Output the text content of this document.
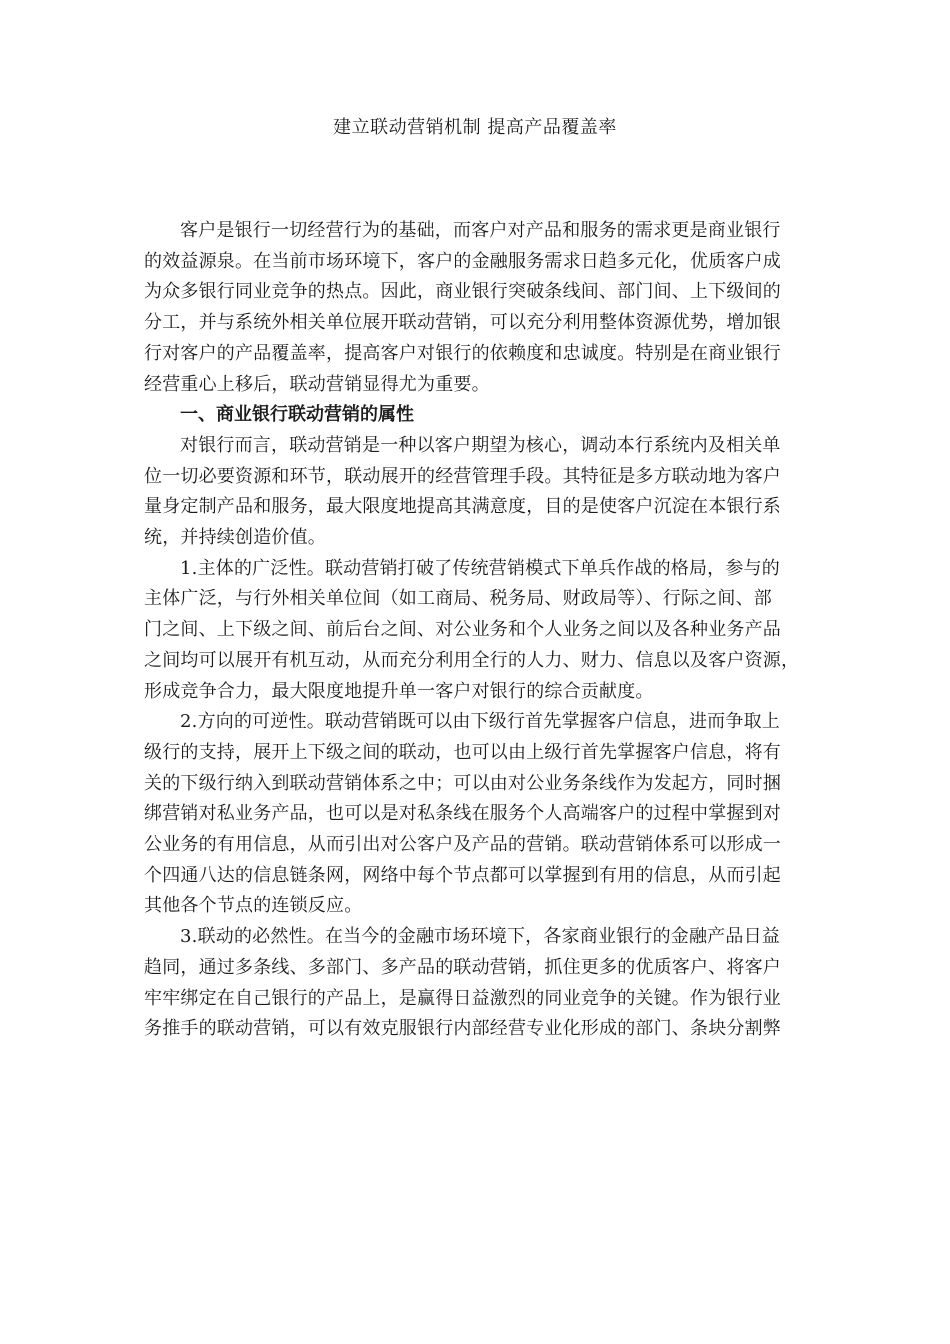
建立联动营销机制 提高产品覆盖率

客户是银行一切经营行为的基础，而客户对产品和服务的需求更是商业银行
的效益源泉。在当前市场环境下，客户的金融服务需求日趋多元化，优质客户成
为众多银行同业竞争的热点。因此，商业银行突破条线间、部门间、上下级间的
分工，并与系统外相关单位展开联动营销，可以充分利用整体资源优势，增加银
行对客户的产品覆盖率，提高客户对银行的依赖度和忠诚度。特别是在商业银行
经营重心上移后，联动营销显得尤为重要。

一、商业银行联动营销的属性

对银行而言，联动营销是一种以客户期望为核心，调动本行系统内及相关单
位一切必要资源和环节，联动展开的经营管理手段。其特征是多方联动地为客户
量身定制产品和服务，最大限度地提高其满意度，目的是使客户沉淀在本银行系
统，并持续创造价值。

1.主体的广泛性。联动营销打破了传统营销模式下单兵作战的格局，参与的
主体广泛，与行外相关单位间（如工商局、税务局、财政局等）、行际之间、部
门之间、上下级之间、前后台之间、对公业务和个人业务之间以及各种业务产品
之间均可以展开有机互动，从而充分利用全行的人力、财力、信息以及客户资源，
形成竞争合力，最大限度地提升单一客户对银行的综合贡献度。

2.方向的可逆性。联动营销既可以由下级行首先掌握客户信息，进而争取上
级行的支持，展开上下级之间的联动，也可以由上级行首先掌握客户信息，将有
关的下级行纳入到联动营销体系之中；可以由对公业务条线作为发起方，同时捆
绑营销对私业务产品，也可以是对私条线在服务个人高端客户的过程中掌握到对
公业务的有用信息，从而引出对公客户及产品的营销。联动营销体系可以形成一
个四通八达的信息链条网，网络中每个节点都可以掌握到有用的信息，从而引起
其他各个节点的连锁反应。

3.联动的必然性。在当今的金融市场环境下，各家商业银行的金融产品日益
趋同，通过多条线、多部门、多产品的联动营销，抓住更多的优质客户、将客户
牢牢绑定在自己银行的产品上，是赢得日益激烈的同业竞争的关键。作为银行业
务推手的联动营销，可以有效克服银行内部经营专业化形成的部门、条块分割弊
